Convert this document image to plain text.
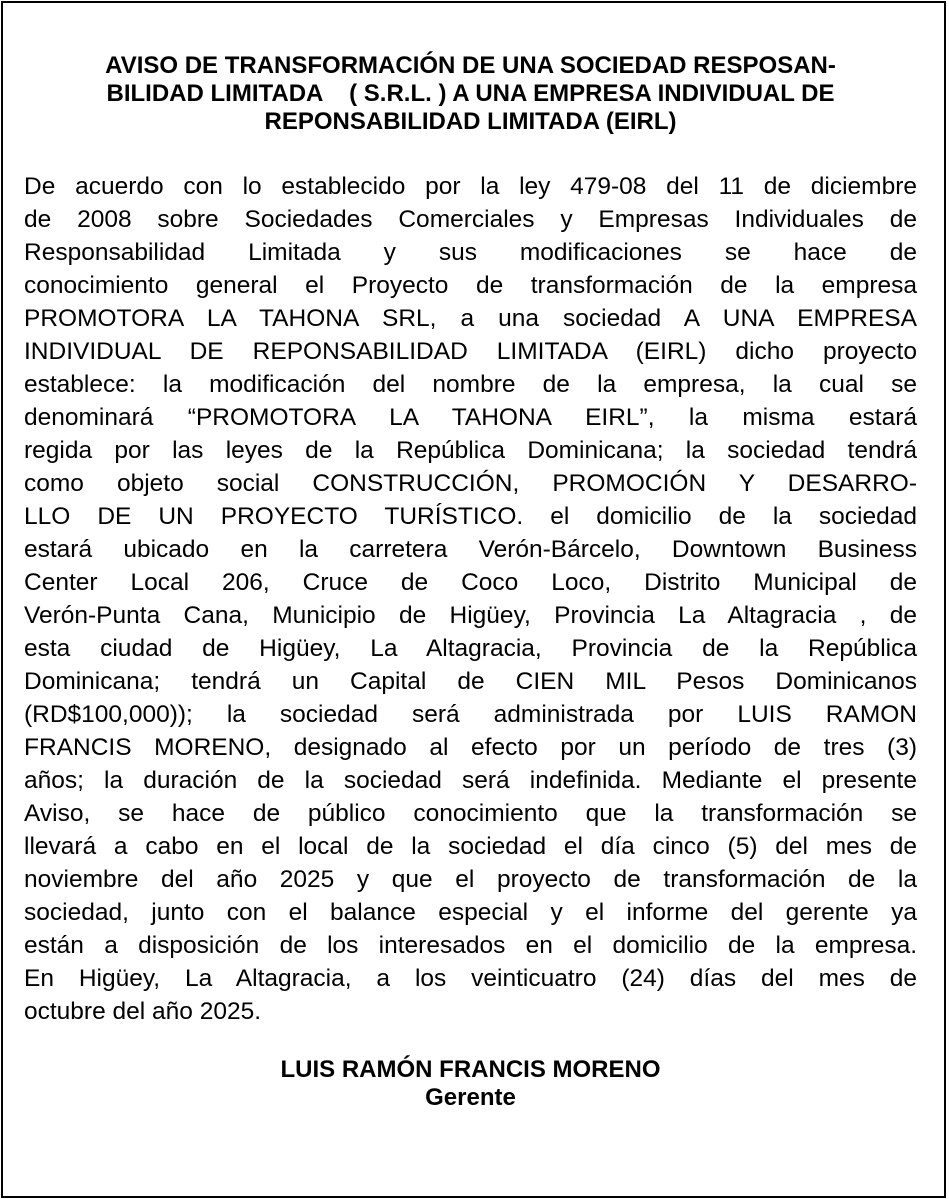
AVISO DE TRANSFORMACIÓN DE UNA SOCIEDAD RESPOSAN-
BILIDAD LIMITADA    ( S.R.L. ) A UNA EMPRESA INDIVIDUAL DE
REPONSABILIDAD LIMITADA (EIRL)
De acuerdo con lo establecido por la ley 479-08 del 11 de diciembre
de 2008 sobre Sociedades Comerciales y Empresas Individuales de
Responsabilidad Limitada y sus modificaciones se hace de
conocimiento general el Proyecto de transformación de la empresa
PROMOTORA LA TAHONA SRL, a una sociedad A UNA EMPRESA
INDIVIDUAL DE REPONSABILIDAD LIMITADA (EIRL) dicho proyecto
establece: la modificación del nombre de la empresa, la cual se
denominará “PROMOTORA LA TAHONA EIRL”, la misma estará
regida por las leyes de la República Dominicana; la sociedad tendrá
como objeto social CONSTRUCCIÓN, PROMOCIÓN Y DESARRO-
LLO DE UN PROYECTO TURÍSTICO. el domicilio de la sociedad
estará ubicado en la carretera Verón-Bárcelo, Downtown Business
Center Local 206, Cruce de Coco Loco, Distrito Municipal de
Verón-Punta Cana, Municipio de Higüey, Provincia La Altagracia , de
esta ciudad de Higüey, La Altagracia, Provincia de la República
Dominicana; tendrá un Capital de CIEN MIL Pesos Dominicanos
(RD$100,000)); la sociedad será administrada por LUIS RAMON
FRANCIS MORENO, designado al efecto por un período de tres (3)
años; la duración de la sociedad será indefinida. Mediante el presente
Aviso, se hace de público conocimiento que la transformación se
llevará a cabo en el local de la sociedad el día cinco (5) del mes de
noviembre del año 2025 y que el proyecto de transformación de la
sociedad, junto con el balance especial y el informe del gerente ya
están a disposición de los interesados en el domicilio de la empresa.
En Higüey, La Altagracia, a los veinticuatro (24) días del mes de
octubre del año 2025.
LUIS RAMÓN FRANCIS MORENO
Gerente
